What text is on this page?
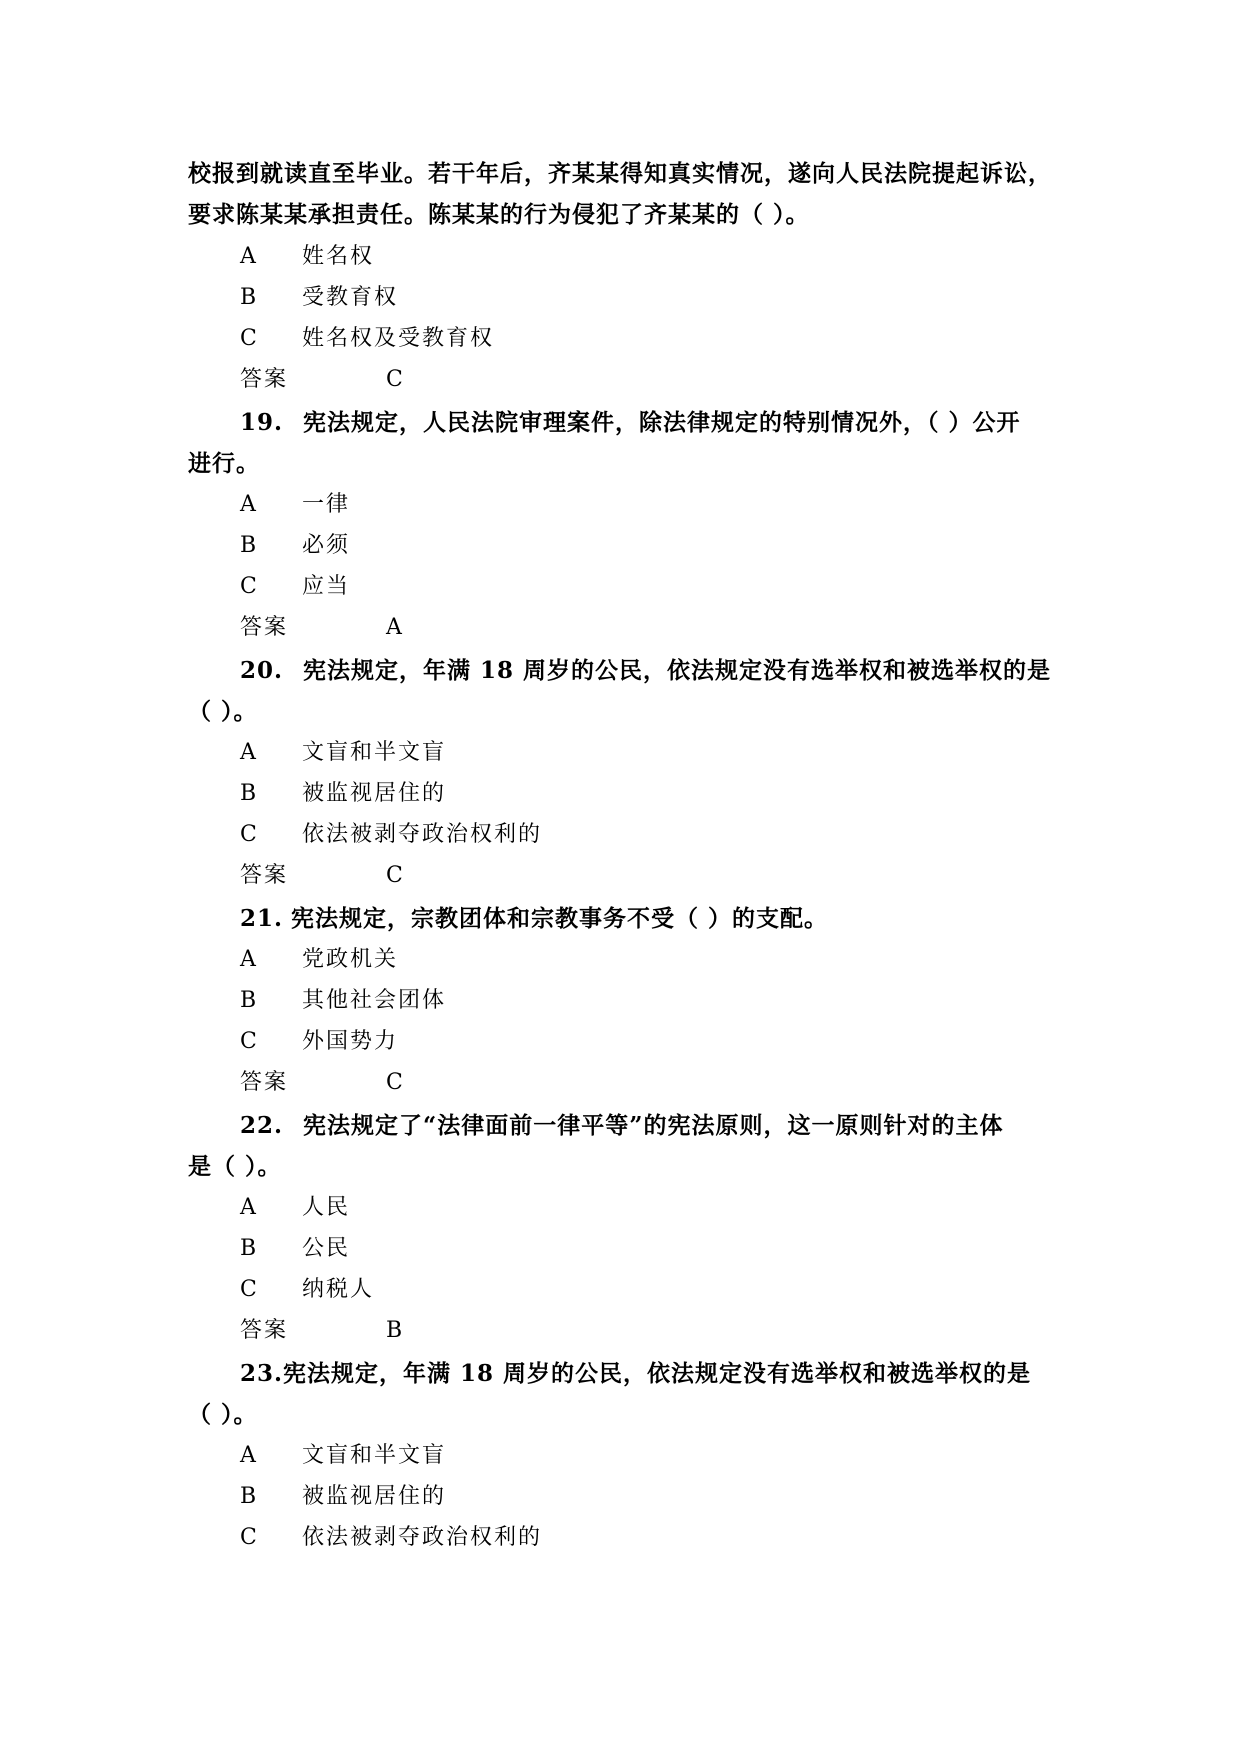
校报到就读直至毕业。若干年后，齐某某得知真实情况，遂向人民法院提起诉讼，
要求陈某某承担责任。陈某某的行为侵犯了齐某某的（ ）。
A 姓名权
B 受教育权
C 姓名权及受教育权
答案	C
19. 宪法规定，人民法院审理案件，除法律规定的特别情况外，（ ）公开
进行。
A 一律
B 必须
C 应当
答案	A
20. 宪法规定，年满 18 周岁的公民，依法规定没有选举权和被选举权的是
（ ）。
A 文盲和半文盲
B 被监视居住的
C 依法被剥夺政治权利的
答案	C
21. 宪法规定，宗教团体和宗教事务不受（ ）的支配。
A 党政机关
B 其他社会团体
C 外国势力
答案	C
22. 宪法规定了“法律面前一律平等”的宪法原则，这一原则针对的主体
是（ ）。
A 人民
B 公民
C 纳税人
答案	B
23.宪法规定，年满 18 周岁的公民，依法规定没有选举权和被选举权的是
（ ）。
A 文盲和半文盲
B 被监视居住的
C 依法被剥夺政治权利的
